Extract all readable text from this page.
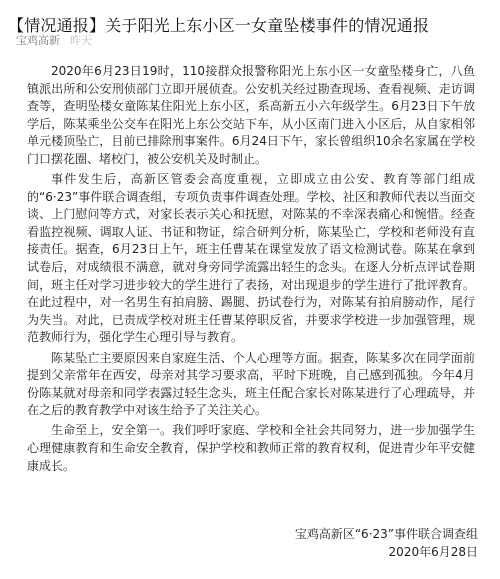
【情况通报】关于阳光上东小区一女童坠楼事件的情况通报
宝鸡高新 昨天

2020年6月23日19时，110接群众报警称阳光上东小区一女童坠楼身亡，八鱼镇派出所和公安刑侦部门立即开展侦查。公安机关经过勘查现场、查看视频、走访调查等，查明坠楼女童陈某住阳光上东小区，系高新五小六年级学生。6月23日下午放学后，陈某乘坐公交车在阳光上东公交站下车，从小区南门进入小区后，从自家相邻单元楼顶坠亡，目前已排除刑事案件。6月24日下午，家长曾组织10余名家属在学校门口摆花圈、堵校门，被公安机关及时制止。

事件发生后，高新区管委会高度重视，立即成立由公安、教育等部门组成的“6·23”事件联合调查组，专项负责事件调查处理。学校、社区和教师代表以当面交谈、上门慰问等方式，对家长表示关心和抚慰，对陈某的不幸深表痛心和惋惜。经查看监控视频、调取人证、书证和物证，综合研判分析，陈某坠亡，学校和老师没有直接责任。据查，6月23日上午，班主任曹某在课堂发放了语文检测试卷。陈某在拿到试卷后，对成绩很不满意，就对身旁同学流露出轻生的念头。在逐人分析点评试卷期间，班主任对学习进步较大的学生进行了表扬，对出现退步的学生进行了批评教育。在此过程中，对一名男生有拍肩膀、踢腿、扔试卷行为，对陈某有拍肩膀动作，尾行为失当。对此，已责成学校对班主任曹某停职反省，并要求学校进一步加强管理，规范教师行为，强化学生心理引导与教育。

陈某坠亡主要原因来自家庭生活、个人心理等方面。据查，陈某多次在同学面前提到父亲常年在西安，母亲对其学习要求高，平时下班晚，自己感到孤独。今年4月份陈某就对母亲和同学表露过轻生念头，班主任配合家长对陈某进行了心理疏导，并在之后的教育教学中对该生给予了关注关心。

生命至上，安全第一。我们呼吁家庭、学校和全社会共同努力，进一步加强学生心理健康教育和生命安全教育，保护学校和教师正常的教育权利，促进青少年平安健康成长。

宝鸡高新区“6·23”事件联合调查组
2020年6月28日
